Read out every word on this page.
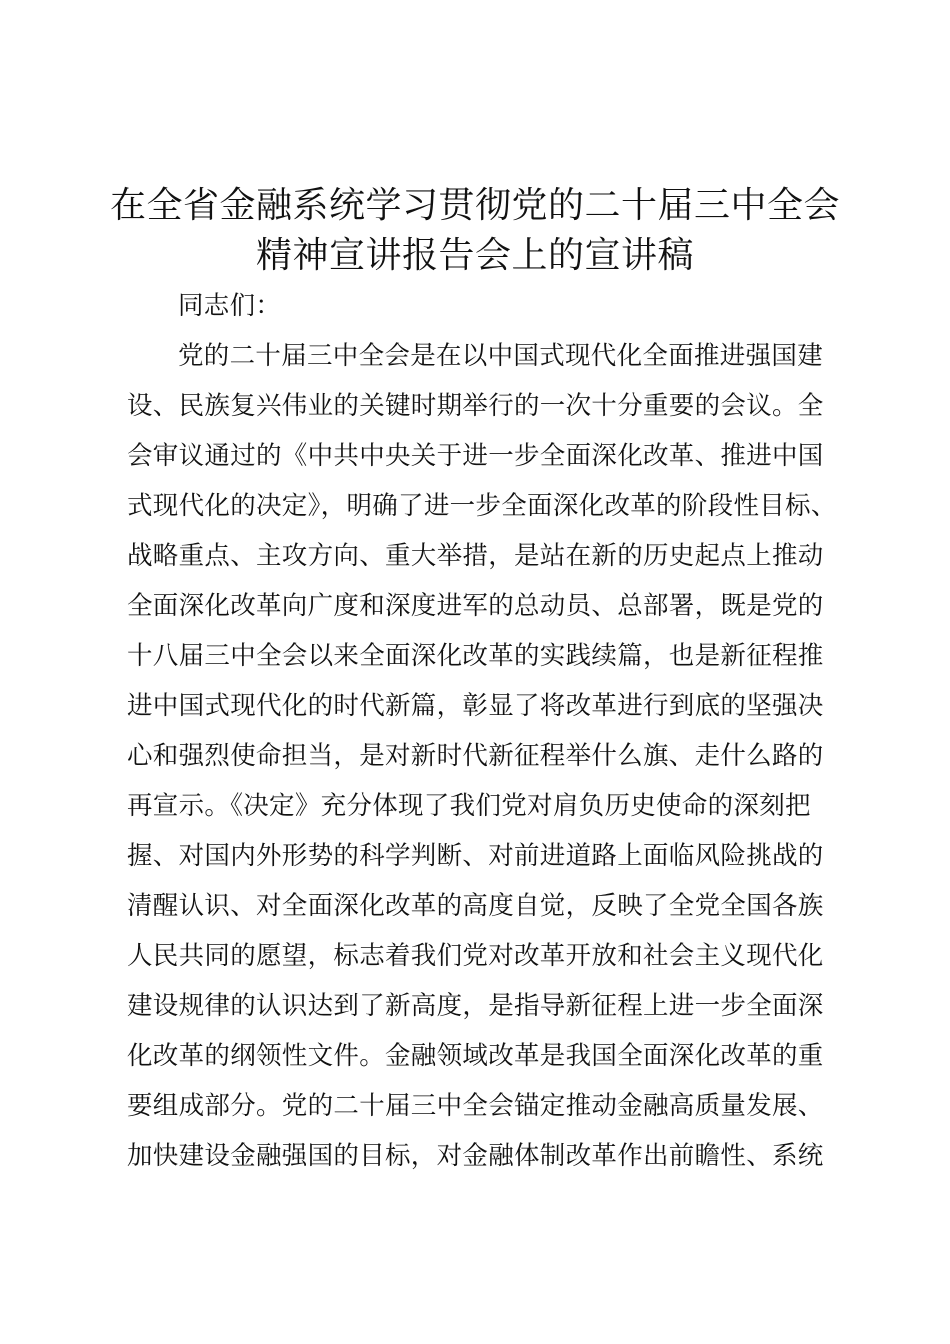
在全省金融系统学习贯彻党的二十届三中全会
精神宣讲报告会上的宣讲稿
同志们：
党的二十届三中全会是在以中国式现代化全面推进强国建
设、民族复兴伟业的关键时期举行的一次十分重要的会议。全
会审议通过的《中共中央关于进一步全面深化改革、推进中国
式现代化的决定》，明确了进一步全面深化改革的阶段性目标、
战略重点、主攻方向、重大举措，是站在新的历史起点上推动
全面深化改革向广度和深度进军的总动员、总部署，既是党的
十八届三中全会以来全面深化改革的实践续篇，也是新征程推
进中国式现代化的时代新篇，彰显了将改革进行到底的坚强决
心和强烈使命担当，是对新时代新征程举什么旗、走什么路的
再宣示。《决定》充分体现了我们党对肩负历史使命的深刻把
握、对国内外形势的科学判断、对前进道路上面临风险挑战的
清醒认识、对全面深化改革的高度自觉，反映了全党全国各族
人民共同的愿望，标志着我们党对改革开放和社会主义现代化
建设规律的认识达到了新高度，是指导新征程上进一步全面深
化改革的纲领性文件。金融领域改革是我国全面深化改革的重
要组成部分。党的二十届三中全会锚定推动金融高质量发展、
加快建设金融强国的目标，对金融体制改革作出前瞻性、系统
